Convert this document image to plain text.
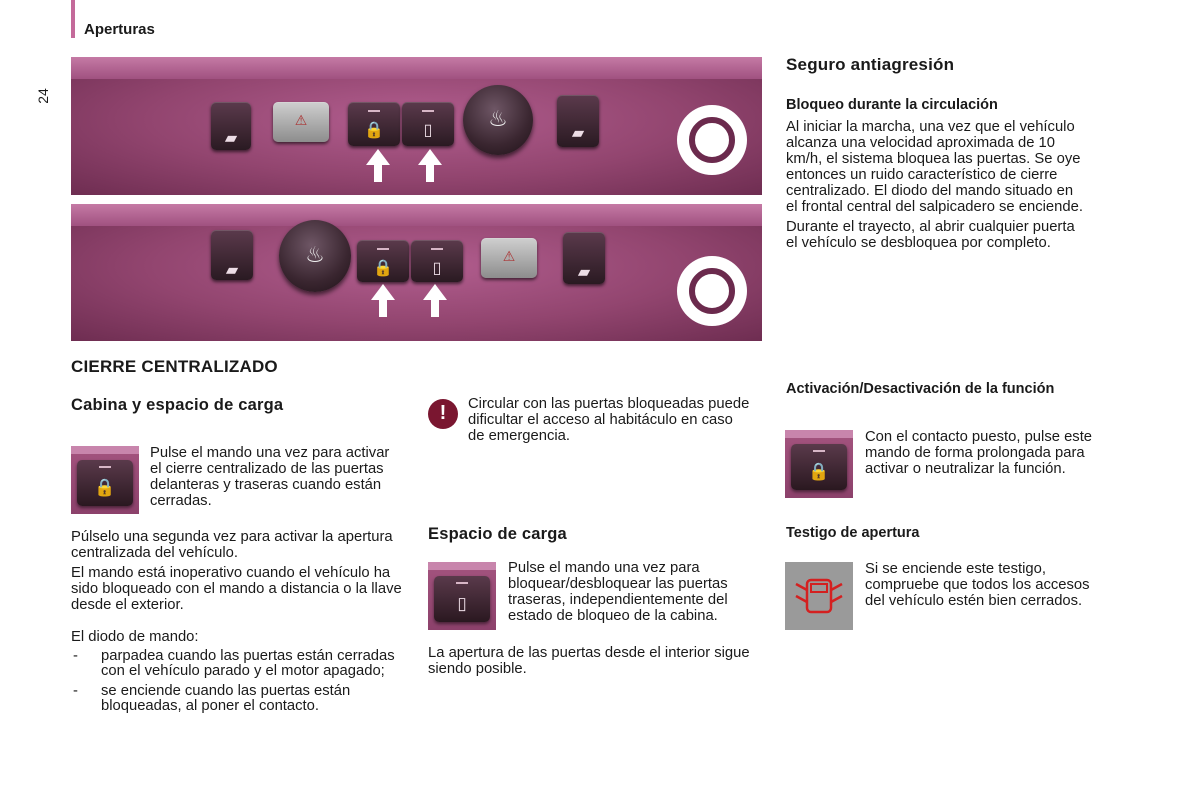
Aperturas
24
▰
⚠
🔒	▯	♨
▰
▰
♨
🔒	▯
⚠
▰
CIERRE CENTRALIZADO
Cabina y espacio de carga
🔒
Pulse el mando una vez para activar el cierre centralizado de las puertas delanteras y traseras cuando están cerradas.

Púlselo una segunda vez para activar la apertura centralizada del vehículo.

El mando está inoperativo cuando el vehículo ha sido bloqueado con el mando a distancia o la llave desde el exterior.

El diodo de mando:
- parpadea cuando las puertas están cerradas con el vehículo parado y el motor apagado;
- se enciende cuando las puertas están bloqueadas, al poner el contacto.
!	Circular con las puertas bloqueadas puede dificultar el acceso al habitáculo en caso de emergencia.
Espacio de carga
▯
Pulse el mando una vez para bloquear/desbloquear las puertas traseras, independientemente del estado de bloqueo de la cabina.
La apertura de las puertas desde el interior sigue siendo posible.
Seguro antiagresión
Bloqueo durante la circulación

Al iniciar la marcha, una vez que el vehículo alcanza una velocidad aproximada de 10 km/h, el sistema bloquea las puertas. Se oye entonces un ruido característico de cierre centralizado. El diodo del mando situado en el frontal central del salpicadero se enciende.

Durante el trayecto, al abrir cualquier puerta el vehículo se desbloquea por completo.

Activación/Desactivación de la función
🔒
Con el contacto puesto, pulse este mando de forma prolongada para activar o neutralizar la función.
Testigo de apertura
Si se enciende este testigo, compruebe que todos los accesos del vehículo estén bien cerrados.
